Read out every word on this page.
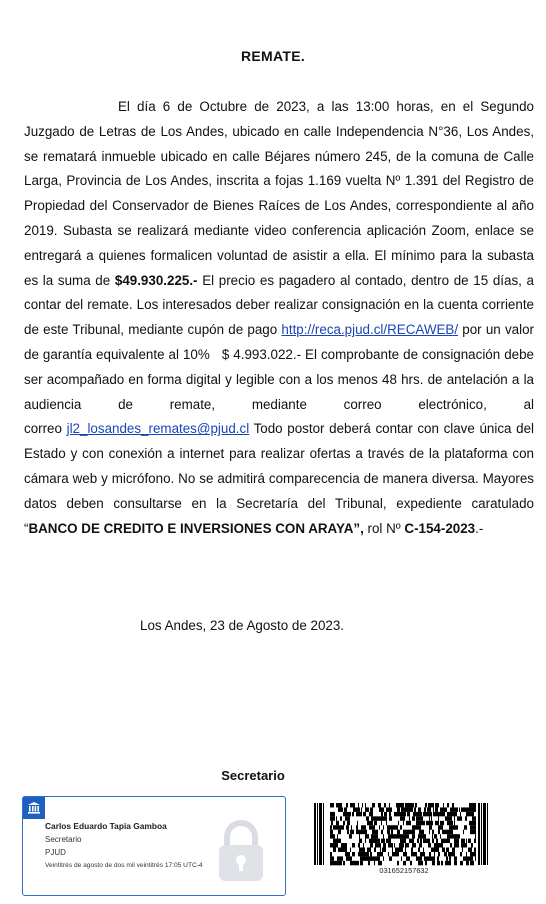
REMATE.
El día 6 de Octubre de 2023, a las 13:00 horas, en el Segundo Juzgado de Letras de Los Andes, ubicado en calle Independencia N°36, Los Andes, se rematará inmueble ubicado en calle Béjares número 245, de la comuna de Calle Larga, Provincia de Los Andes, inscrita a fojas 1.169 vuelta Nº 1.391 del Registro de Propiedad del Conservador de Bienes Raíces de Los Andes, correspondiente al año 2019. Subasta se realizará mediante video conferencia aplicación Zoom, enlace se entregará a quienes formalicen voluntad de asistir a ella. El mínimo para la subasta es la suma de $49.930.225.- El precio es pagadero al contado, dentro de 15 días, a contar del remate. Los interesados deber realizar consignación en la cuenta corriente de este Tribunal, mediante cupón de pago http://reca.pjud.cl/RECAWEB/ por un valor de garantía equivalente al 10%   $ 4.993.022.- El comprobante de consignación debe ser acompañado en forma digital y legible con a los menos 48 hrs. de antelación a la audiencia de remate, mediante correo electrónico, al correo jl2_losandes_remates@pjud.cl Todo postor deberá contar con clave única del Estado y con conexión a internet para realizar ofertas a través de la plataforma con cámara web y micrófono. No se admitirá comparecencia de manera diversa. Mayores datos deben consultarse en la Secretaría del Tribunal, expediente caratulado “BANCO DE CREDITO E INVERSIONES CON ARAYA”, rol Nº C-154-2023.-
Los Andes, 23 de Agosto de 2023.
Secretario
Carlos Eduardo Tapia Gamboa
Secretario
PJUD
Veintitrés de agosto de dos mil veintitrés 17:05 UTC-4
031652157632
